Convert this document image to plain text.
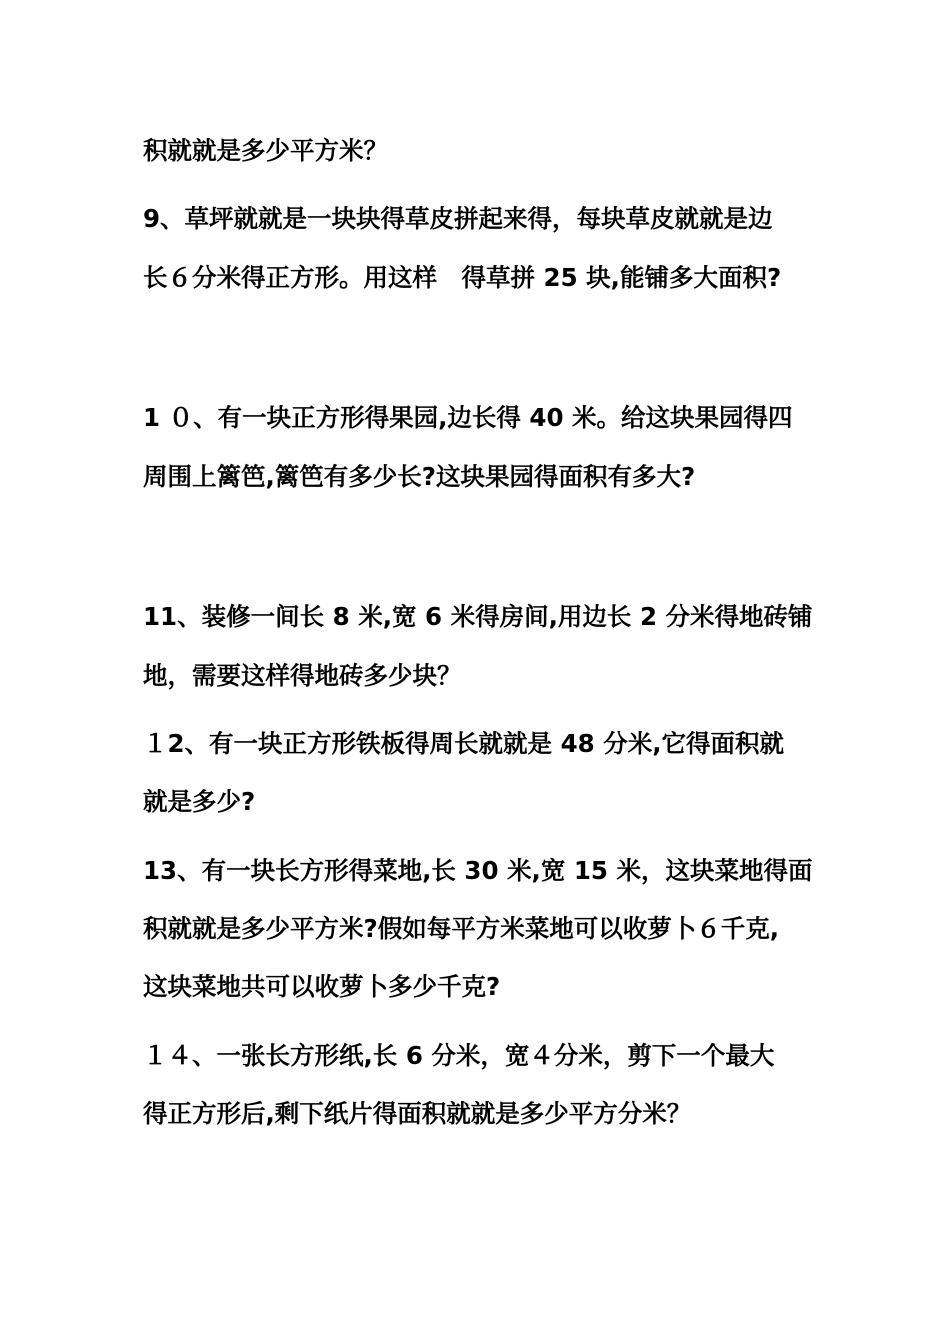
积就就是多少平方米？
9、草坪就就是一块块得草皮拼起来得，每块草皮就就是边
长６分米得正方形。用这样　得草拼 25 块,能铺多大面积?
1 ０、有一块正方形得果园,边长得 40 米。给这块果园得四
周围上篱笆,篱笆有多少长?这块果园得面积有多大?
11、装修一间长 8 米,宽 6 米得房间,用边长 2 分米得地砖铺
地，需要这样得地砖多少块？
１2、有一块正方形铁板得周长就就是 48 分米,它得面积就
就是多少?
13、有一块长方形得菜地,长 30 米,宽 15 米，这块菜地得面
积就就是多少平方米?假如每平方米菜地可以收萝卜６千克,
这块菜地共可以收萝卜多少千克?
１４、一张长方形纸,长 6 分米，宽４分米，剪下一个最大
得正方形后,剩下纸片得面积就就是多少平方分米？
